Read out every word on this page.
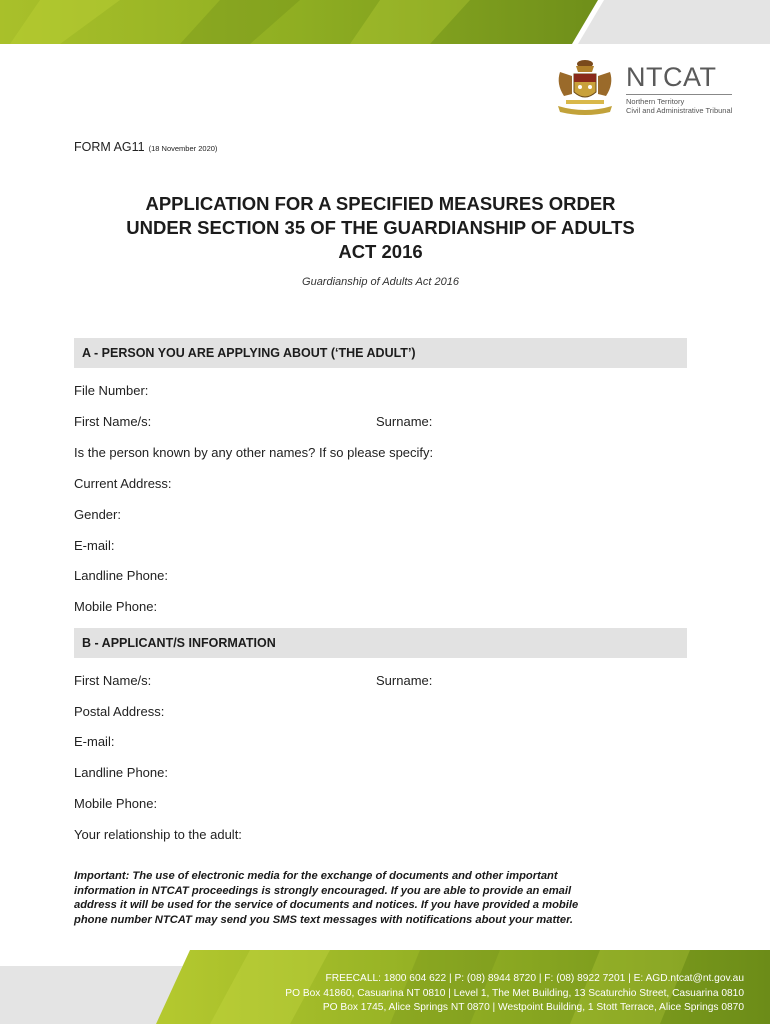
NTCAT
Northern Territory
Civil and Administrative Tribunal
FORM AG11 (18 November 2020)
APPLICATION FOR A SPECIFIED MEASURES ORDER
UNDER SECTION 35 OF THE GUARDIANSHIP OF ADULTS
ACT 2016
Guardianship of Adults Act 2016
A - PERSON YOU ARE APPLYING ABOUT (‘THE ADULT’)
File Number:
First Name/s:	Surname:
Is the person known by any other names? If so please specify:
Current Address:
Gender:
E-mail:
Landline Phone:
Mobile Phone:
B - APPLICANT/S INFORMATION
First Name/s:	Surname:
Postal Address:
E-mail:
Landline Phone:
Mobile Phone:
Your relationship to the adult:
Important: The use of electronic media for the exchange of documents and other important
information in NTCAT proceedings is strongly encouraged. If you are able to provide an email
address it will be used for the service of documents and notices. If you have provided a mobile
phone number NTCAT may send you SMS text messages with notifications about your matter.
FREECALL: 1800 604 622 | P: (08) 8944 8720 | F: (08) 8922 7201 | E: AGD.ntcat@nt.gov.au
PO Box 41860, Casuarina NT 0810 | Level 1, The Met Building, 13 Scaturchio Street, Casuarina 0810
PO Box 1745, Alice Springs NT 0870 | Westpoint Building, 1 Stott Terrace, Alice Springs 0870
